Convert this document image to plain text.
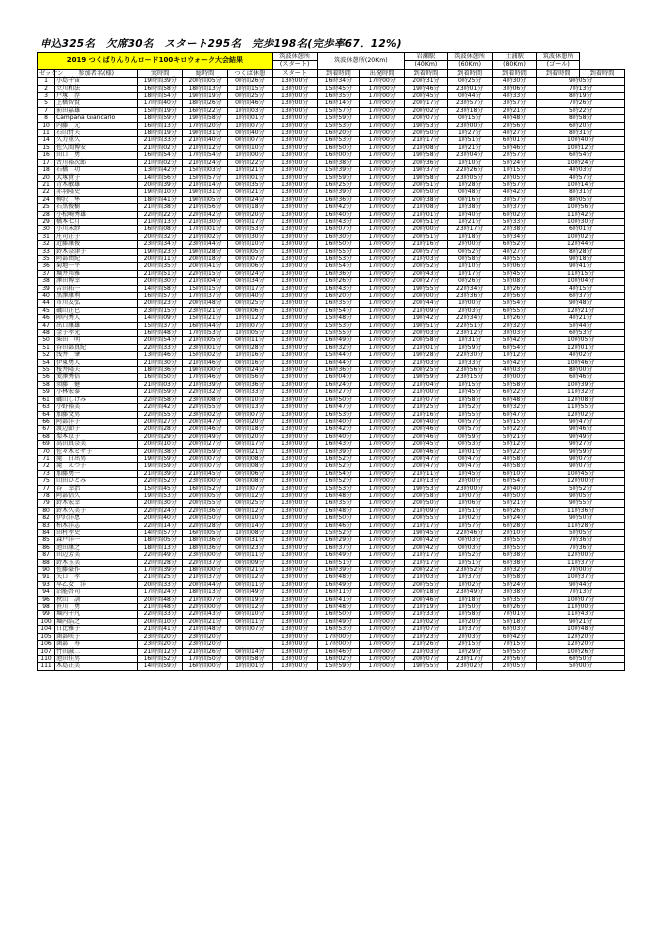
申込325名　欠席30名　スタート295名　完歩198名(完歩率67．12%)
2019 つくばりんりんロード100キロウォーク大会結果					筑波休憩所	筑波休憩所(20Km)		岩瀬駅	筑波休憩所	土浦駅	筑波休憩所	
					(スタート)			(40Km)	(60Km)	(80Km)	(ゴール)	
ゼッケン	参加者名(様)	実時間	総時間	つくば休憩	スタート	到着時間	出発時間	到着時間	到着時間	到着時間	到着時間	到着時間
1	小島千宙	19時間39分	20時間05分	0時間26分	13時00分	16時34分	17時00分	20時31分	0時25分	4時30分	9時05分	
2	立川和法	16時間58分	18時間13分	1時間15分	13時00分	15時45分	17時00分	19時46分	23時01分	3時06分	7時13分	
3	戸塚　淳	18時間54分	19時間19分	0時間25分	13時00分	16時35分	17時00分	20時45分	0時44分	4時33分	8時19分	
5	上橋智賢	17時間40分	18時間26分	0時間46分	13時00分	16時14分	17時00分	20時17分	23時57分	3時57分	7時26分	
7	前田嘉雄	15時間19分	16時間22分	1時間03分	13時00分	15時57分	17時00分	20時02分	23時18分	2時21分	5時22分	
8	Campana Giancarlo	18時間59分	19時間58分	1時間01分	13時00分	15時59分	17時00分	20時07分	0時15分	4時48分	8時58分	
10	内藤　元	16時間13分	17時間20分	1時間07分	13時00分	15時53分	17時00分	19時53分	23時00分	2時56分	6時20分	
11	石山哲夫	18時間19分	19時間31分	0時間40分	13時00分	16時20分	17時00分	20時50分	1時27分	4時27分	8時31分	
14	久力重久	21時間33分	21時間40分	0時間07分	13時00分	16時53分	17時00分	21時17分	1時51分	6時01分	10時40分	
15	佐久間博安	21時間02分	21時間12分	0時間10分	13時00分	16時50分	17時00分	21時08分	1時21分	5時46分	10時12分	
16	田口　勇	16時間54分	17時間54分	1時間00分	13時00分	16時00分	17時00分	19時58分	23時04分	2時57分	6時54分	
17	古川裕次郎	21時間02分	21時間24分	0時間22分	13時00分	16時38分	17時00分	20時36分	1時10分	5時24分	10時24分	
18	石橋　功	13時間42分	15時間03分	1時間21分	13時00分	15時39分	17時00分	19時37分	22時26分	1時15分	4時03分	
20	大塚貴子	14時間56分	15時間57分	1時間01分	13時00分	15時59分	17時00分	19時58分	23時05分	2時05分	4時57分	
21	青木敏雄	20時間39分	21時間14分	0時間35分	13時00分	16時25分	17時00分	20時51分	1時28分	5時57分	10時14分	
22	赤羽隆史	19時間10分	19時間31分	0時間21分	13時00分	16時39分	17時00分	20時50分	0時48分	4時42分	8時31分	
24	柳沢　隼	18時間41分	19時間05分	0時間24分	13時00分	16時36分	17時00分	20時38分	0時16分	3時57分	8時05分	
25	石黒俊樹	21時間38分	21時間56分	0時間18分	13時00分	16時42分	17時00分	21時08分	1時38分	5時37分	10時56分	
28	小松崎秀雄	22時間22分	22時間42分	0時間20分	13時00分	16時40分	17時00分	21時01分	1時40分	6時02分	11時42分	
29	橋本七月	21時間13分	21時間30分	0時間17分	13時00分	16時43分	17時00分	20時51分	1時21分	5時33分	10時30分	
30	小川未紗	16時間08分	17時間01分	0時間53分	13時00分	16時07分	17時00分	20時00分	23時17分	2時38分	6時01分	
31	庄司正子	20時間32分	21時間02分	0時間30分	13時00分	16時30分	17時00分	20時51分	1時18分	5時34分	10時02分	
32	近藤康俊	23時間34分	23時間44分	0時間10分	13時00分	16時50分	17時00分	21時16分	2時00分	6時52分	12時44分	
33	鈴木奈津子	19時間23分	19時間28分	0時間05分	13時00分	16時55分	17時00分	20時57分	0時52分	4時27分	8時28分	
35	阿部由紀	20時間11分	20時間18分	0時間07分	13時00分	16時53分	17時00分	21時03分	0時58分	4時55分	9時18分	
36	菊地一平	20時間35分	20時間41分	0時間06分	13時00分	16時54分	17時00分	20時52分	1時10分	5時06分	9時41分	
37	堀井邦雅	21時間51分	22時間15分	0時間24分	13時00分	16時36分	17時00分	20時43分	1時17分	5時45分	11時15分	
38	澤田博幸	20時間30分	21時間04分	0時間34分	13時00分	16時26分	17時00分	20時27分	0時26分	5時08分	10時04分	
39	吉田拓一	14時間58分	15時間15分	0時間17分	13時00分	16時43分	17時00分	19時55分	22時34分	1時26分	4時15分	
40	黒澤康利	16時間57分	17時間37分	0時間40分	13時00分	16時20分	17時00分	20時00分	23時36分	2時56分	6時37分	
44	市川友弘	20時間23分	20時間48分	0時間25分	13時00分	16時35分	17時00分	20時44分	1時00分	5時54分	9時48分	
45	磯山正巳	23時間15分	23時間21分	0時間06分	13時00分	16時54分	17時00分	21時09分	2時03分	6時55分	12時21分	
46	陣内秀人	14時間09分	15時間21分	1時間12分	13時00分	15時48分	17時00分	19時42分	22時34分	1時26分	4時21分	
47	出口康雄	15時間37分	16時間44分	1時間07分	13時00分	15時53分	17時00分	19時51分	22時51分	2時32分	5時44分	
48	金子孝光	16時間48分	17時間53分	1時間05分	13時00分	15時55分	17時00分	20時03分	23時12分	3時03分	6時53分	
50	柴田　明	20時間54分	21時間05分	0時間11分	13時00分	16時49分	17時00分	20時58分	1時31分	5時42分	10時05分	
51	谷田部真紀	22時間33分	23時間01分	0時間28分	13時00分	16時32分	17時00分	21時01分	1時59分	6時54分	12時01分	
52	浅井　肇	13時間46分	15時間02分	1時間16分	13時00分	15時44分	17時00分	19時28分	22時30分	1時12分	4時02分	
54	伊東勇人	21時間30分	21時間46分	0時間16分	13時00分	16時44分	17時00分	21時03分	1時33分	5時42分	10時46分	
55	桜井隆夫	18時間36分	19時間00分	0時間24分	13時00分	16時36分	17時00分	20時25分	23時56分	4時03分	8時00分	
56	愛澤秀信	16時間50分	17時間46分	0時間56分	13時00分	16時04分	17時00分	19時59分	23時15分	3時00分	6時46分	
58	須藤　健	21時間03分	21時間39分	0時間36分	13時00分	16時24分	17時00分	21時04分	1時15分	5時58分	10時39分	
59	小林宏泰	21時間59分	22時間32分	0時間33分	13時00分	16時27分	17時00分	21時00分	1時45分	6時22分	11時32分	
61	磯山しげみ	22時間58分	23時間08分	0時間10分	13時00分	16時50分	17時00分	21時07分	1時58分	6時48分	12時08分	
63	小野裕美	22時間42分	22時間55分	0時間13分	13時00分	16時47分	17時00分	21時25分	1時52分	6時32分	11時55分	
64	加藤文男	22時間55分	23時間02分	0時間07分	13時00分	16時53分	17時00分	21時16分	1時55分	6時47分	12時02分	
66	阿部洋子	20時間27分	20時間47分	0時間20分	13時00分	16時40分	17時00分	20時40分	0時57分	5時15分	9時47分	
67	渡辺節子	20時間28分	20時間46分	0時間18分	13時00分	16時42分	17時00分	20時46分	0時57分	5時22分	9時46分	
68	梨本京子	20時間29分	20時間49分	0時間20分	13時00分	16時40分	17時00分	20時46分	0時59分	5時21分	9時49分	
69	高田真奈美	20時間10分	20時間27分	0時間17分	13時00分	16時43分	17時00分	20時45分	0時53分	5時12分	9時27分	
70	佐々木ヒサ子	20時間38分	20時間59分	0時間21分	13時00分	16時39分	17時00分	20時46分	1時01分	5時22分	9時59分	
71	滝　日出男	19時間59分	20時間07分	0時間08分	13時00分	16時52分	17時00分	20時47分	0時47分	4時58分	9時07分	
72	滝　えつ子	19時間59分	20時間07分	0時間08分	13時00分	16時52分	17時00分	20時47分	0時47分	4時58分	9時07分	
73	加藤勇一	21時間39分	21時間45分	0時間06分	13時00分	16時54分	17時00分	21時11分	1時45分	6時10分	10時45分	
75	山田ひとみ	22時間52分	23時間00分	0時間08分	13時00分	16時52分	17時00分	21時13分	2時00分	6時54分	12時00分	
77	谷　幸治	15時間45分	16時間52分	1時間07分	13時00分	15時53分	17時00分	19時53分	23時00分	2時40分	5時52分	
78	阿部信久	19時間53分	20時間05分	0時間12分	13時00分	16時48分	17時00分	20時58分	1時07分	4時50分	9時05分	
79	鈴木宏幸	20時間30分	20時間55分	0時間25分	13時00分	16時35分	17時00分	20時50分	1時06分	5時21分	9時55分	
80	鈴木久美子	22時間24分	22時間36分	0時間12分	13時00分	16時48分	17時00分	21時09分	1時51分	6時26分	11時36分	
82	伊沢洋恵	20時間40分	20時間50分	0時間10分	13時00分	16時50分	17時00分	20時55分	1時02分	5時24分	9時50分	
83	柏木洋志	22時間14分	22時間28分	0時間14分	13時00分	16時46分	17時00分	21時17分	1時57分	6時28分	11時28分	
84	田村孝史	14時間57分	16時間05分	1時間08分	13時00分	15時52分	17時00分	19時45分	22時46分	2時10分	5時05分	
85	森戸洋一	18時間05分	18時間36分	0時間31分	13時00分	16時29分	17時00分	20時42分	0時03分	3時55分	7時36分	
86	池田康之	18時間13分	18時間36分	0時間23分	13時00分	16時37分	17時00分	20時42分	0時03分	3時55分	7時36分	
87	田辺芳美	22時間49分	23時間00分	0時間11分	13時00分	16時49分	17時00分	21時17分	1時52分	6時38分	12時00分	
88	鈴木玉美	22時間28分	22時間37分	0時間09分	13時00分	16時51分	17時00分	21時17分	1時51分	6時38分	11時37分	
90	佐藤豪作	17時間39分	18時間00分	0時間21分	13時00分	16時39分	17時00分	20時22分	23時52分	3時32分	7時00分	
91	矢口　孝	21時間25分	21時間37分	0時間12分	13時00分	16時48分	17時00分	21時03分	1時37分	5時58分	10時37分	
93	早乙女　洋	20時間33分	20時間44分	0時間11分	13時00分	16時49分	17時00分	20時55分	1時02分	5時24分	9時44分	
94	沼能啓司	17時間24分	18時間13分	0時間49分	13時00分	16時11分	17時00分	20時18分	23時49分	3時38分	7時13分	
96	秋山　訓	20時間48分	21時間07分	0時間19分	13時00分	16時41分	17時00分	20時46分	1時18分	5時35分	10時07分	
98	笹川　勇	21時間48分	22時間00分	0時間12分	13時00分	16時48分	17時00分	21時19分	1時50分	6時26分	11時00分	
99	堀内千凡	22時間33分	22時間43分	0時間10分	13時00分	16時50分	17時00分	21時33分	1時58分	7時01分	11時43分	
100	堀内浩之	20時間10分	20時間21分	0時間11分	13時00分	16時49分	17時00分	21時02分	1時20分	5時18分	9時21分	
104	日比雅子	21時間41分	21時間48分	0時間07分	13時00分	16時53分	17時00分	21時07分	1時37分	6時03分	10時48分	
105	菌部咲子	23時間20分	23時間20分		13時00分	17時00分	17時00分	21時23分	2時03分	6時42分	12時20分	
106	菌部　寿	23時間20分	23時間20分		13時00分	17時00分	17時00分	21時26分	2時15分	7時15分	12時20分	
107	竹田誠二	21時間12分	21時間26分	0時間14分	13時00分	16時46分	17時00分	21時03分	1時29分	5時55分	10時26分	
110	池田佳男	16時間52分	17時間50分	0時間58分	13時00分	16時02分	17時00分	20時07分	23時17分	2時56分	6時50分	
111	木島正美	14時間59分	16時間00分	1時間01分	13時00分	15時59分	17時00分	19時55分	23時02分	2時05分	5時00分	
